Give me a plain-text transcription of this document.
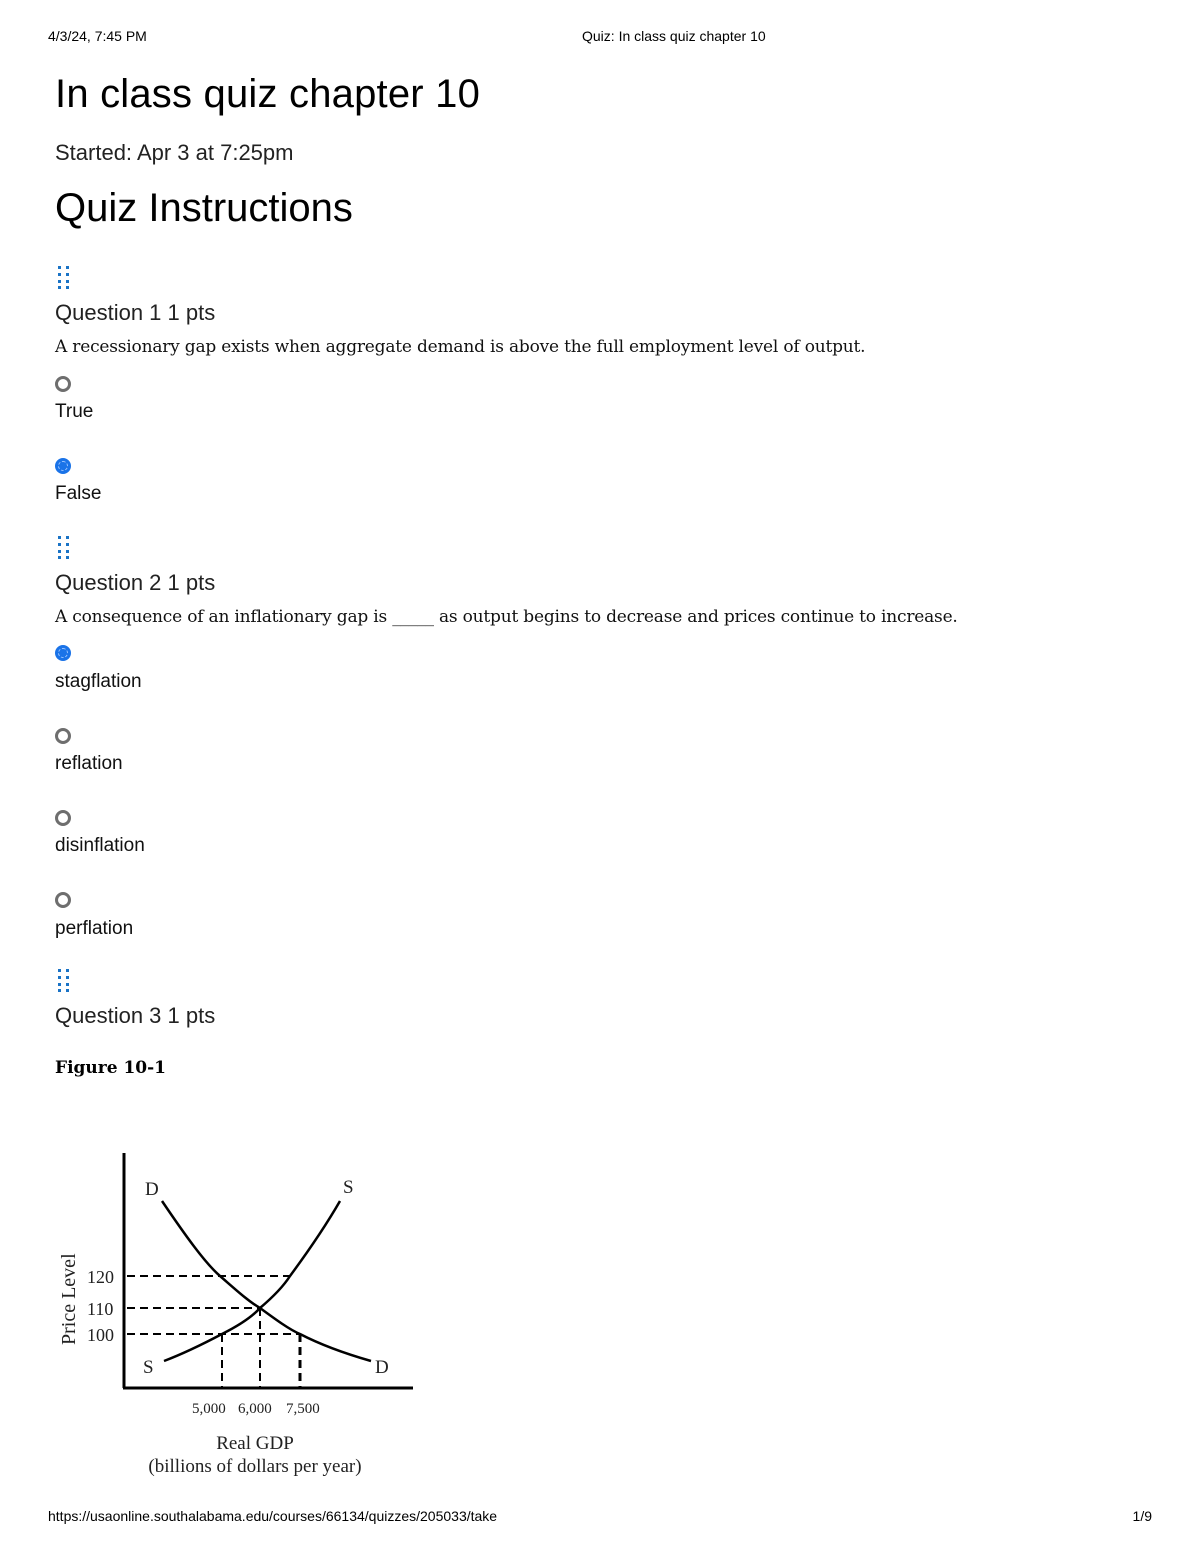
4/3/24, 7:45 PM	Quiz: In class quiz chapter 10
In class quiz chapter 10
Started: Apr 3 at 7:25pm
Quiz Instructions
Question 1 1 pts
A recessionary gap exists when aggregate demand is above the full employment level of output.
True
False
Question 2 1 pts
A consequence of an inflationary gap is _____ as output begins to decrease and prices continue to increase.
stagflation
reflation
disinflation
perflation
Question 3 1 pts
Figure 10-1
D	S
S	D
120
110
100
Price Level
5,000 6,000 7,500
Real GDP
(billions of dollars per year)
https://usaonline.southalabama.edu/courses/66134/quizzes/205033/take	1/9
